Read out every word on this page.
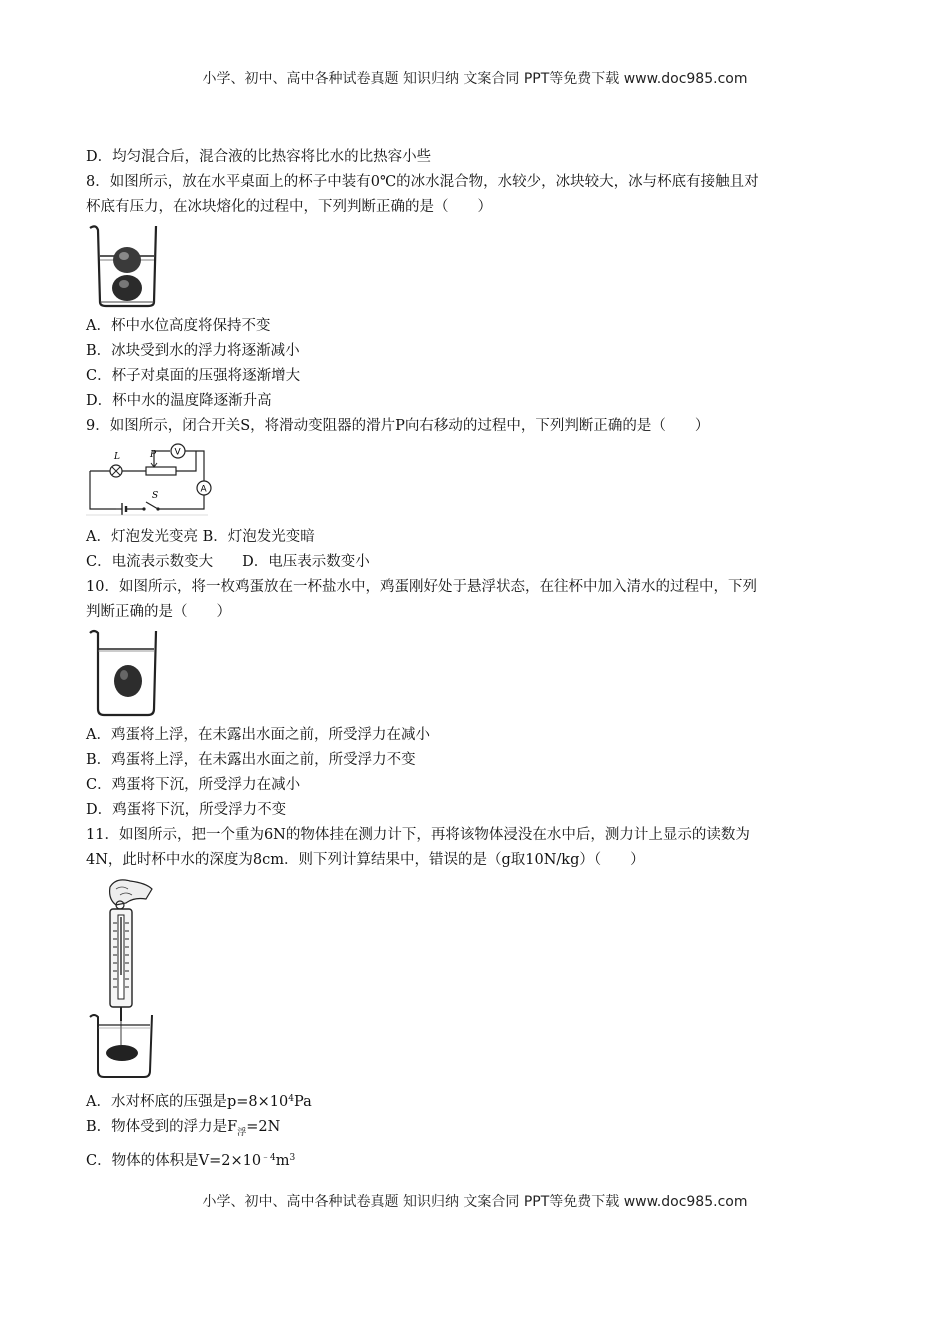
小学、初中、高中各种试卷真题 知识归纳 文案合同 PPT等免费下载 www.doc985.com
D．均匀混合后，混合液的比热容将比水的比热容小些
8．如图所示，放在水平桌面上的杯子中装有0℃的冰水混合物，水较少，冰块较大，冰与杯底有接触且对
杯底有压力，在冰块熔化的过程中，下列判断正确的是（　　）
A．杯中水位高度将保持不变
B．冰块受到水的浮力将逐渐减小
C．杯子对桌面的压强将逐渐增大
D．杯中水的温度降逐渐升高
9．如图所示，闭合开关S，将滑动变阻器的滑片P向右移动的过程中，下列判断正确的是（　　）
L	P V
A
S
A．灯泡发光变亮 B．灯泡发光变暗
C．电流表示数变大　　D．电压表示数变小
10．如图所示，将一枚鸡蛋放在一杯盐水中，鸡蛋刚好处于悬浮状态，在往杯中加入清水的过程中，下列
判断正确的是（　　）
A．鸡蛋将上浮，在未露出水面之前，所受浮力在减小
B．鸡蛋将上浮，在未露出水面之前，所受浮力不变
C．鸡蛋将下沉，所受浮力在减小
D．鸡蛋将下沉，所受浮力不变
11．如图所示，把一个重为6N的物体挂在测力计下，再将该物体浸没在水中后，测力计上显示的读数为
4N，此时杯中水的深度为8cm．则下列计算结果中，错误的是（g取10N/kg）（　　）
A．水对杯底的压强是$p=8\times 10^4Pa$
B．物体受到的浮力是$F_浮=2N$
C．物体的体积是$V=2\times 10^{﹣4}m^3$
小学、初中、高中各种试卷真题 知识归纳 文案合同 PPT等免费下载 www.doc985.com
